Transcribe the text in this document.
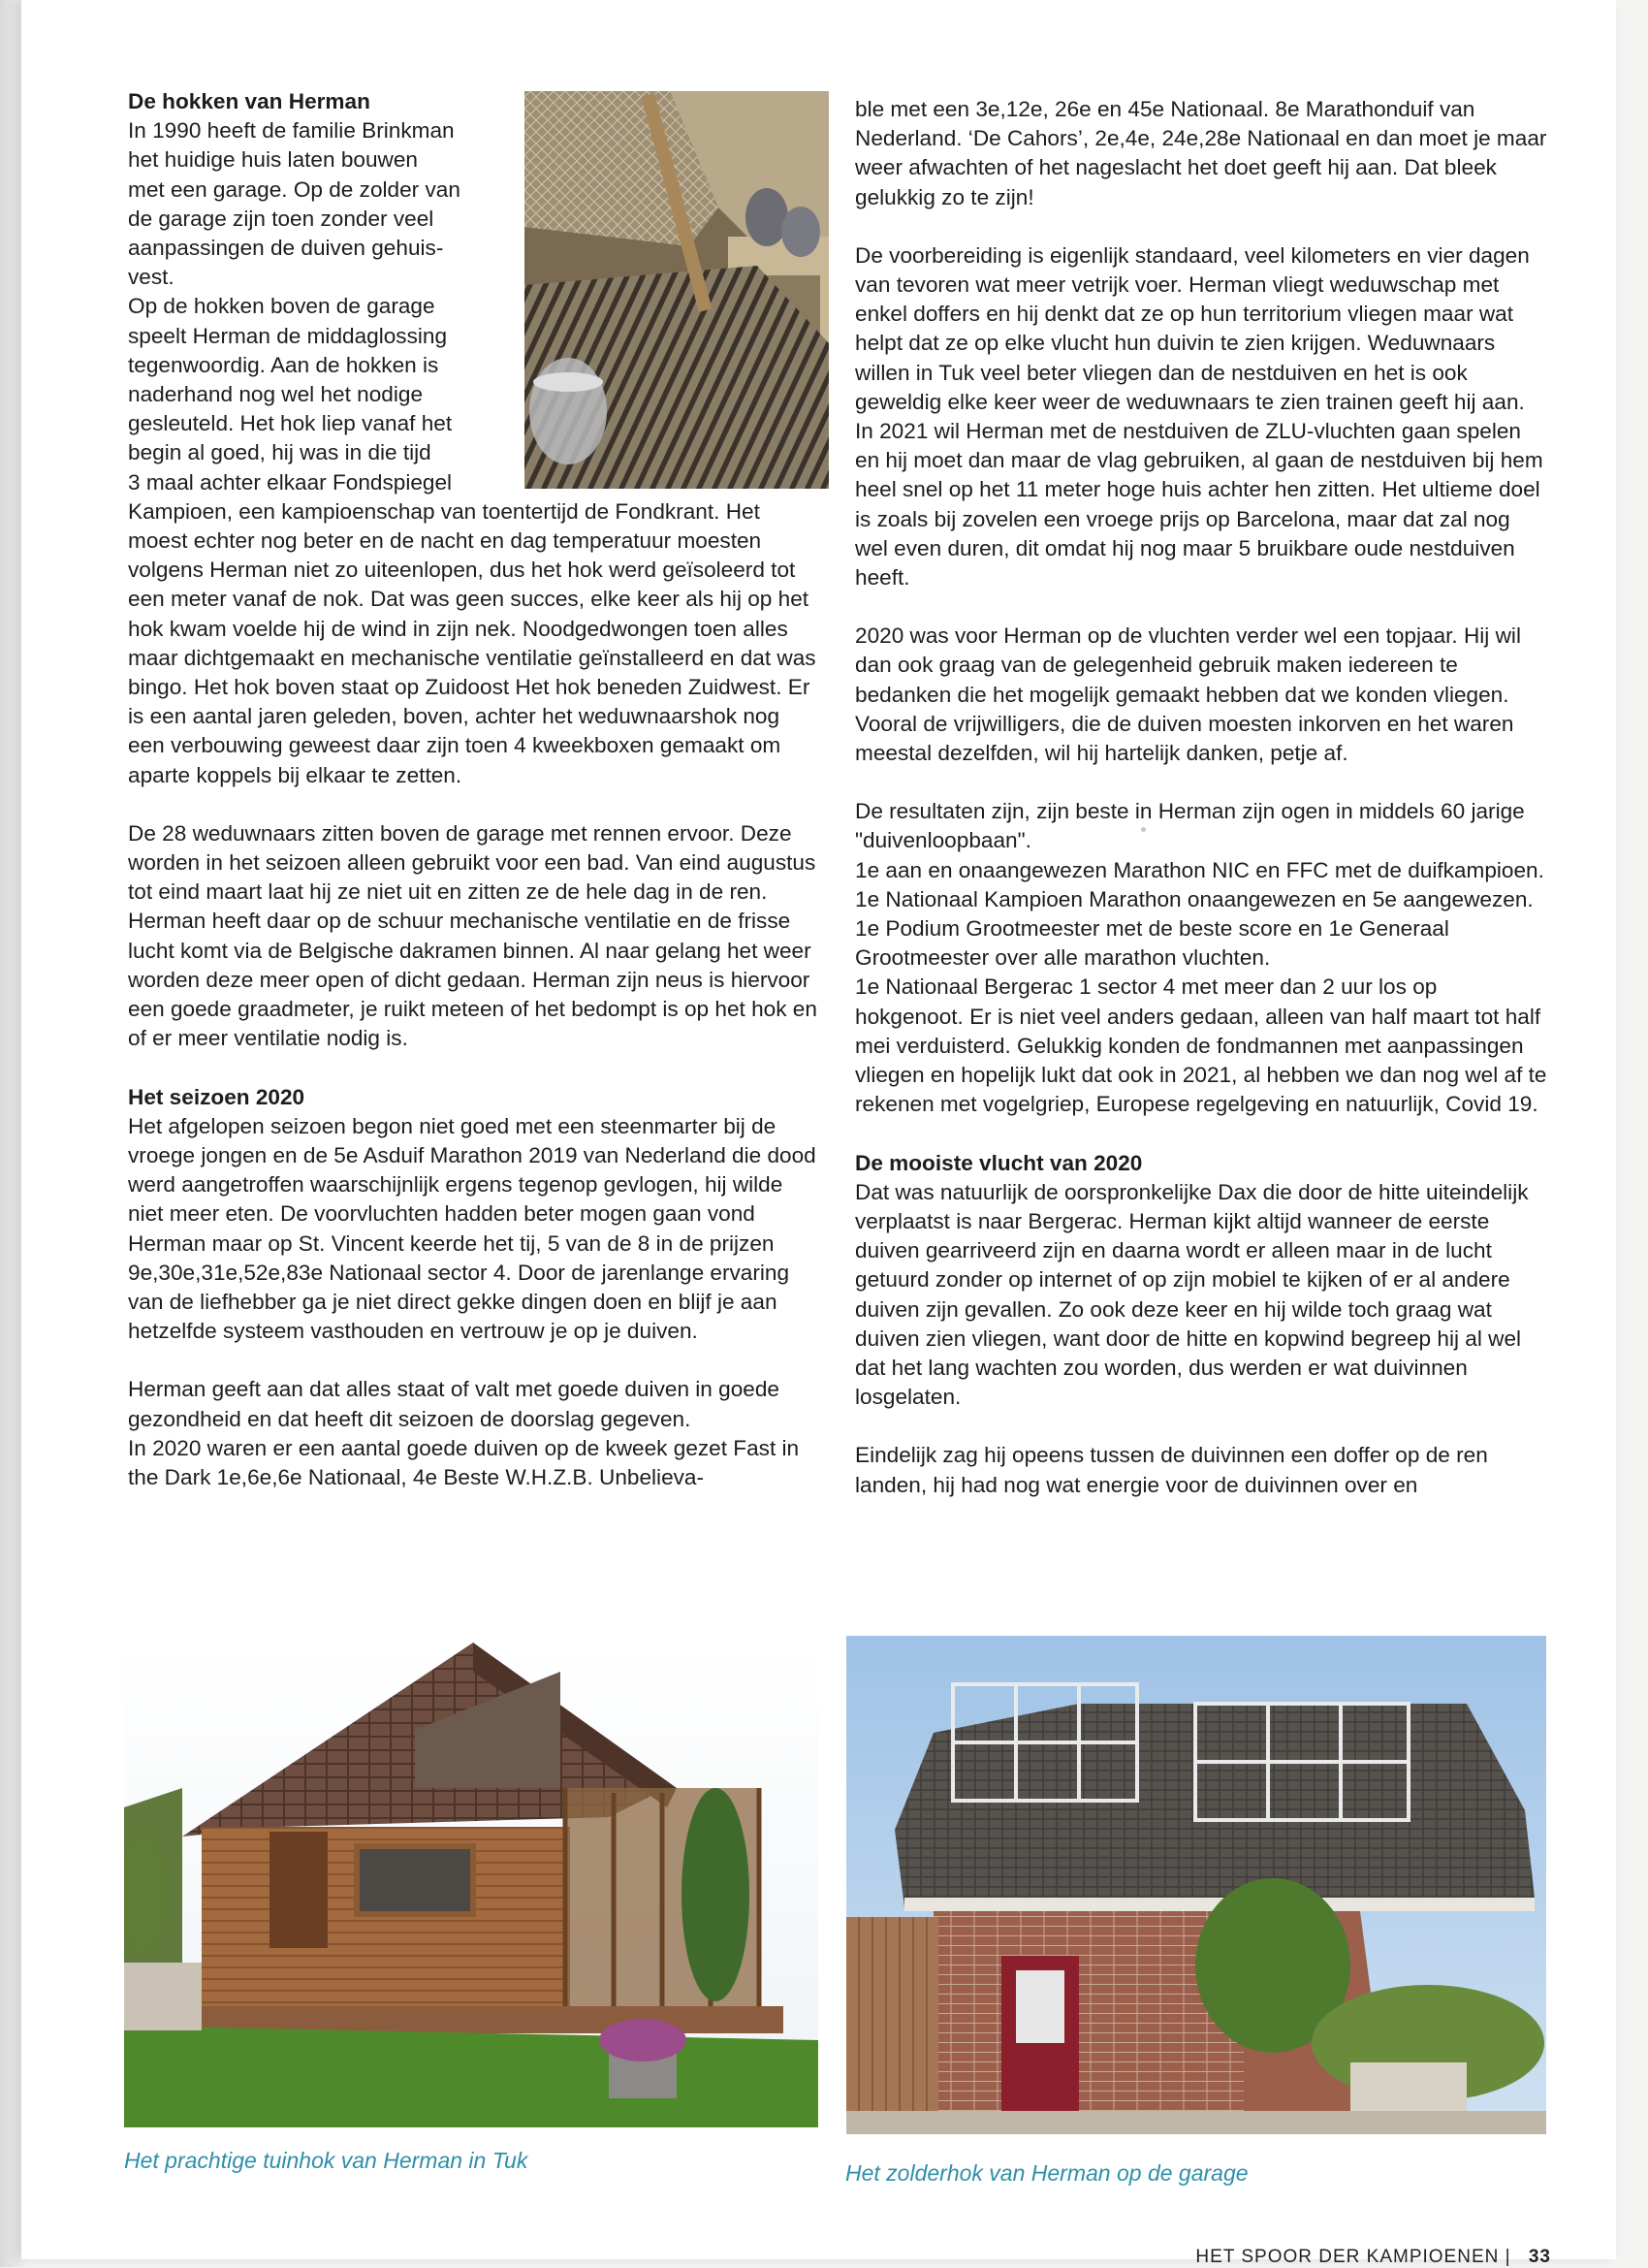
De hokken van Herman
In 1990 heeft de familie Brinkman
het huidige huis laten bouwen
met een garage. Op de zolder van
de garage zijn toen zonder veel
aanpassingen de duiven gehuis-
vest.
Op de hokken boven de garage
speelt Herman de middaglossing
tegenwoordig. Aan de hokken is
naderhand nog wel het nodige
gesleuteld. Het hok liep vanaf het
begin al goed, hij was in die tijd
3 maal achter elkaar Fondspiegel

Kampioen, een kampioenschap van toentertijd de Fondkrant. Het moest echter nog beter en de nacht en dag temperatuur moesten volgens Herman niet zo uiteenlopen, dus het hok werd geïsoleerd tot een meter vanaf de nok. Dat was geen succes, elke keer als hij op het hok kwam voelde hij de wind in zijn nek. Noodgedwongen toen alles maar dichtgemaakt en mechanische ventilatie geïnstalleerd en dat was bingo. Het hok boven staat op Zuidoost Het hok beneden Zuidwest. Er is een aantal jaren geleden, boven, achter het weduwnaarshok nog een verbouwing geweest daar zijn toen 4 kweekboxen gemaakt om aparte koppels bij elkaar te zetten.

De 28 weduwnaars zitten boven de garage met rennen ervoor. Deze worden in het seizoen alleen gebruikt voor een bad. Van eind augustus tot eind maart laat hij ze niet uit en zitten ze de hele dag in de ren. Herman heeft daar op de schuur mechanische ventilatie en de frisse lucht komt via de Belgische dakramen binnen. Al naar gelang het weer worden deze meer open of dicht gedaan. Herman zijn neus is hiervoor een goede graadmeter, je ruikt meteen of het bedompt is op het hok en of er meer ventilatie nodig is.

Het seizoen 2020

Het afgelopen seizoen begon niet goed met een steenmarter bij de vroege jongen en de 5e Asduif Marathon 2019 van Nederland die dood werd aangetroffen waarschijnlijk ergens tegenop gevlogen, hij wilde niet meer eten. De voorvluchten hadden beter mogen gaan vond Herman maar op St. Vincent keerde het tij, 5 van de 8 in de prijzen 9e,30e,31e,52e,83e Nationaal sector 4. Door de jarenlange ervaring van de liefhebber ga je niet direct gekke dingen doen en blijf je aan hetzelfde systeem vasthouden en vertrouw je op je duiven.

Herman geeft aan dat alles staat of valt met goede duiven in goede gezondheid en dat heeft dit seizoen de doorslag gegeven.

In 2020 waren er een aantal goede duiven op de kweek gezet Fast in the Dark 1e,6e,6e Nationaal, 4e Beste W.H.Z.B. Unbelieva-

ble met een 3e,12e, 26e en 45e Nationaal. 8e Marathonduif van Nederland. ‘De Cahors’, 2e,4e, 24e,28e Nationaal en dan moet je maar weer afwachten of het nageslacht het doet geeft hij aan. Dat bleek gelukkig zo te zijn!

De voorbereiding is eigenlijk standaard, veel kilometers en vier dagen van tevoren wat meer vetrijk voer. Herman vliegt weduwschap met enkel doffers en hij denkt dat ze op hun territorium vliegen maar wat helpt dat ze op elke vlucht hun duivin te zien krijgen. Weduwnaars willen in Tuk veel beter vliegen dan de nestduiven en het is ook geweldig elke keer weer de weduwnaars te zien trainen geeft hij aan. In 2021 wil Herman met de nestduiven de ZLU-vluchten gaan spelen en hij moet dan maar de vlag gebruiken, al gaan de nestduiven bij hem heel snel op het 11 meter hoge huis achter hen zitten. Het ultieme doel is zoals bij zovelen een vroege prijs op Barcelona, maar dat zal nog wel even duren, dit omdat hij nog maar 5 bruikbare oude nestduiven heeft.

2020 was voor Herman op de vluchten verder wel een topjaar. Hij wil dan ook graag van de gelegenheid gebruik maken iedereen te bedanken die het mogelijk gemaakt hebben dat we konden vliegen. Vooral de vrijwilligers, die de duiven moesten inkorven en het waren meestal dezelfden, wil hij hartelijk danken, petje af.

De resultaten zijn, zijn beste in Herman zijn ogen in middels 60 jarige "duivenloopbaan".

1e aan en onaangewezen Marathon NIC en FFC met de duifkampioen. 1e Nationaal Kampioen Marathon onaangewezen en 5e aangewezen. 1e Podium Grootmeester met de beste score en 1e Generaal Grootmeester over alle marathon vluchten.

1e Nationaal Bergerac 1 sector 4 met meer dan 2 uur los op hokgenoot. Er is niet veel anders gedaan, alleen van half maart tot half mei verduisterd. Gelukkig konden de fondmannen met aanpassingen vliegen en hopelijk lukt dat ook in 2021, al hebben we dan nog wel af te rekenen met vogelgriep, Europese regelgeving en natuurlijk, Covid 19.

De mooiste vlucht van 2020

Dat was natuurlijk de oorspronkelijke Dax die door de hitte uiteindelijk verplaatst is naar Bergerac. Herman kijkt altijd wanneer de eerste duiven gearriveerd zijn en daarna wordt er alleen maar in de lucht getuurd zonder op internet of op zijn mobiel te kijken of er al andere duiven zijn gevallen. Zo ook deze keer en hij wilde toch graag wat duiven zien vliegen, want door de hitte en kopwind begreep hij al wel dat het lang wachten zou worden, dus werden er wat duivinnen losgelaten.

Eindelijk zag hij opeens tussen de duivinnen een doffer op de ren landen, hij had nog wat energie voor de duivinnen over en

Het prachtige tuinhok van Herman in Tuk	Het zolderhok van Herman op de garage
HET SPOOR DER KAMPIOENEN | 33
